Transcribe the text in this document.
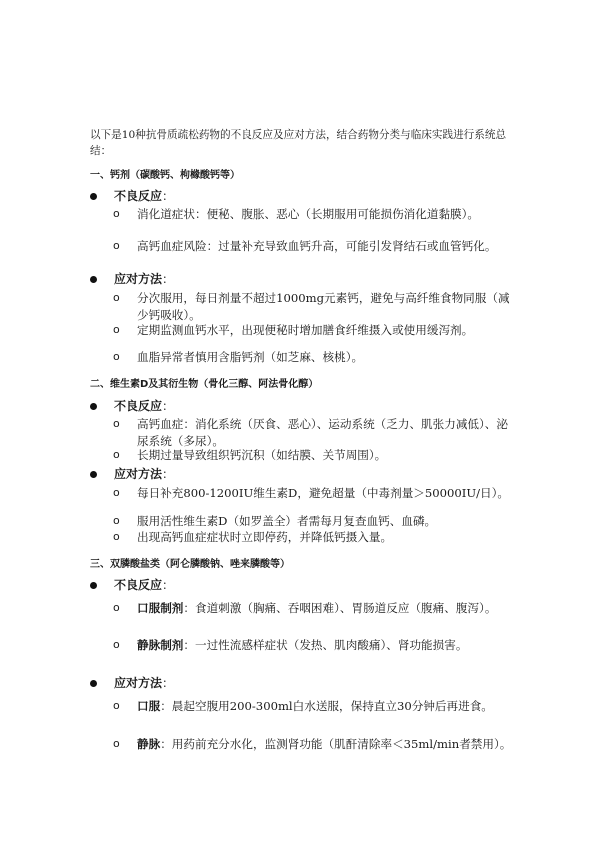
以下是10种抗骨质疏松药物的不良反应及应对方法，结合药物分类与临床实践进行系统总结：
一、钙剂（碳酸钙、枸橼酸钙等）
不良反应：
o 消化道症状：便秘、腹胀、恶心（长期服用可能损伤消化道黏膜）。
o 高钙血症风险：过量补充导致血钙升高，可能引发肾结石或血管钙化。
应对方法：
o 分次服用，每日剂量不超过1000mg元素钙，避免与高纤维食物同服（减少钙吸收）。
o 定期监测血钙水平，出现便秘时增加膳食纤维摄入或使用缓泻剂。
o 血脂异常者慎用含脂钙剂（如芝麻、核桃）。
二、维生素D及其衍生物（骨化三醇、阿法骨化醇）
不良反应：
o 高钙血症：消化系统（厌食、恶心）、运动系统（乏力、肌张力减低）、泌尿系统（多尿）。
o 长期过量导致组织钙沉积（如结膜、关节周围）。
应对方法：
o 每日补充800-1200IU维生素D，避免超量（中毒剂量＞50000IU/日）。
o 服用活性维生素D（如罗盖全）者需每月复查血钙、血磷。
o 出现高钙血症症状时立即停药，并降低钙摄入量。
三、双膦酸盐类（阿仑膦酸钠、唑来膦酸等）
不良反应：
o 口服制剂：食道刺激（胸痛、吞咽困难）、胃肠道反应（腹痛、腹泻）。
o 静脉制剂：一过性流感样症状（发热、肌肉酸痛）、肾功能损害。
应对方法：
o 口服：晨起空腹用200-300ml白水送服，保持直立30分钟后再进食。
o 静脉：用药前充分水化，监测肾功能（肌酐清除率＜35ml/min者禁用）。
